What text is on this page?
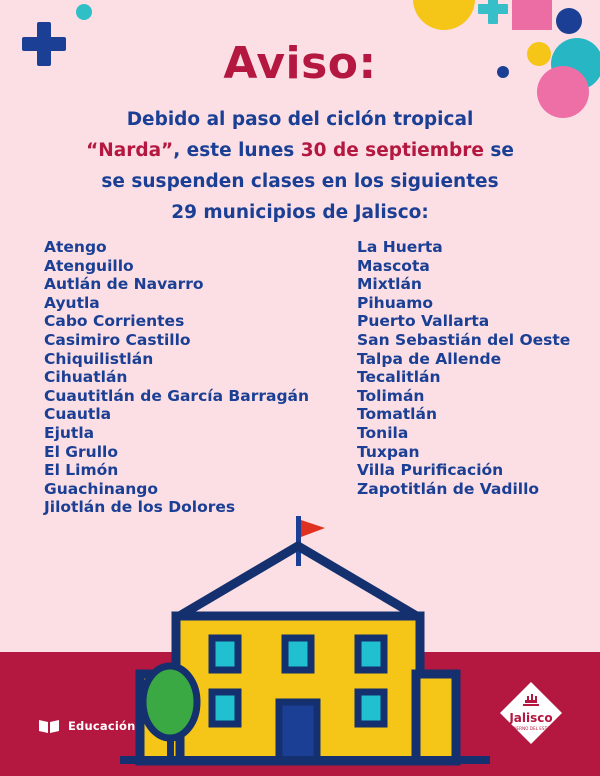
Aviso:
Debido al paso del ciclón tropical
“Narda”, este lunes 30 de septiembre se
se suspenden clases en los siguientes
29 municipios de Jalisco:
Atengo
Atenguillo
Autlán de Navarro
Ayutla
Cabo Corrientes
Casimiro Castillo
Chiquilistlán
Cihuatlán
Cuautitlán de García Barragán
Cuautla
Ejutla
El Grullo
El Limón
Guachinango
Jilotlán de los Dolores
La Huerta
Mascota
Mixtlán
Pihuamo
Puerto Vallarta
San Sebastián del Oeste
Talpa de Allende
Tecalitlán
Tolimán
Tomatlán
Tonila
Tuxpan
Villa Purificación
Zapotitlán de Vadillo
Educación
Jalisco
GOBIERNO DEL ESTADO
